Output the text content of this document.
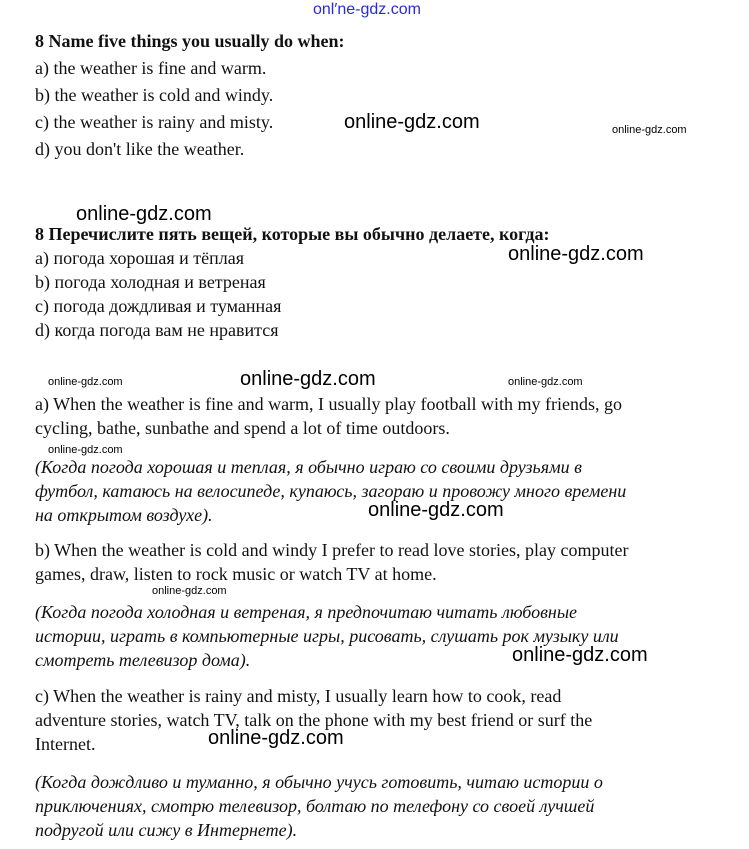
onl′ne-gdz.com
8 Name five things you usually do when:
a) the weather is fine and warm.
b) the weather is cold and windy.
c) the weather is rainy and misty.
d) you don't like the weather.
8 Перечислите пять вещей, которые вы обычно делаете, когда:
a) погода хорошая и тёплая
b) погода холодная и ветреная
c) погода дождливая и туманная
d) когда погода вам не нравится
a) When the weather is fine and warm, I usually play football with my friends, go
cycling, bathe, sunbathe and spend a lot of time outdoors.
(Когда погода хорошая и теплая, я обычно играю со своими друзьями в
футбол, катаюсь на велосипеде, купаюсь, загораю и провожу много времени
на открытом воздухе).
b) When the weather is cold and windy I prefer to read love stories, play computer
games, draw, listen to rock music or watch TV at home.
(Когда погода холодная и ветреная, я предпочитаю читать любовные
истории, играть в компьютерные игры, рисовать, слушать рок музыку или
смотреть телевизор дома).
c) When the weather is rainy and misty, I usually learn how to cook, read
adventure stories, watch TV, talk on the phone with my best friend or surf the
Internet.
(Когда дождливо и туманно, я обычно учусь готовить, читаю истории о
приключениях, смотрю телевизор, болтаю по телефону со своей лучшей
подругой или сижу в Интернете).
online-gdz.com	online-gdz.com
online-gdz.com
online-gdz.com
online-gdz.com	online-gdz.com	online-gdz.com
online-gdz.com
online-gdz.com
online-gdz.com
online-gdz.com
online-gdz.com
